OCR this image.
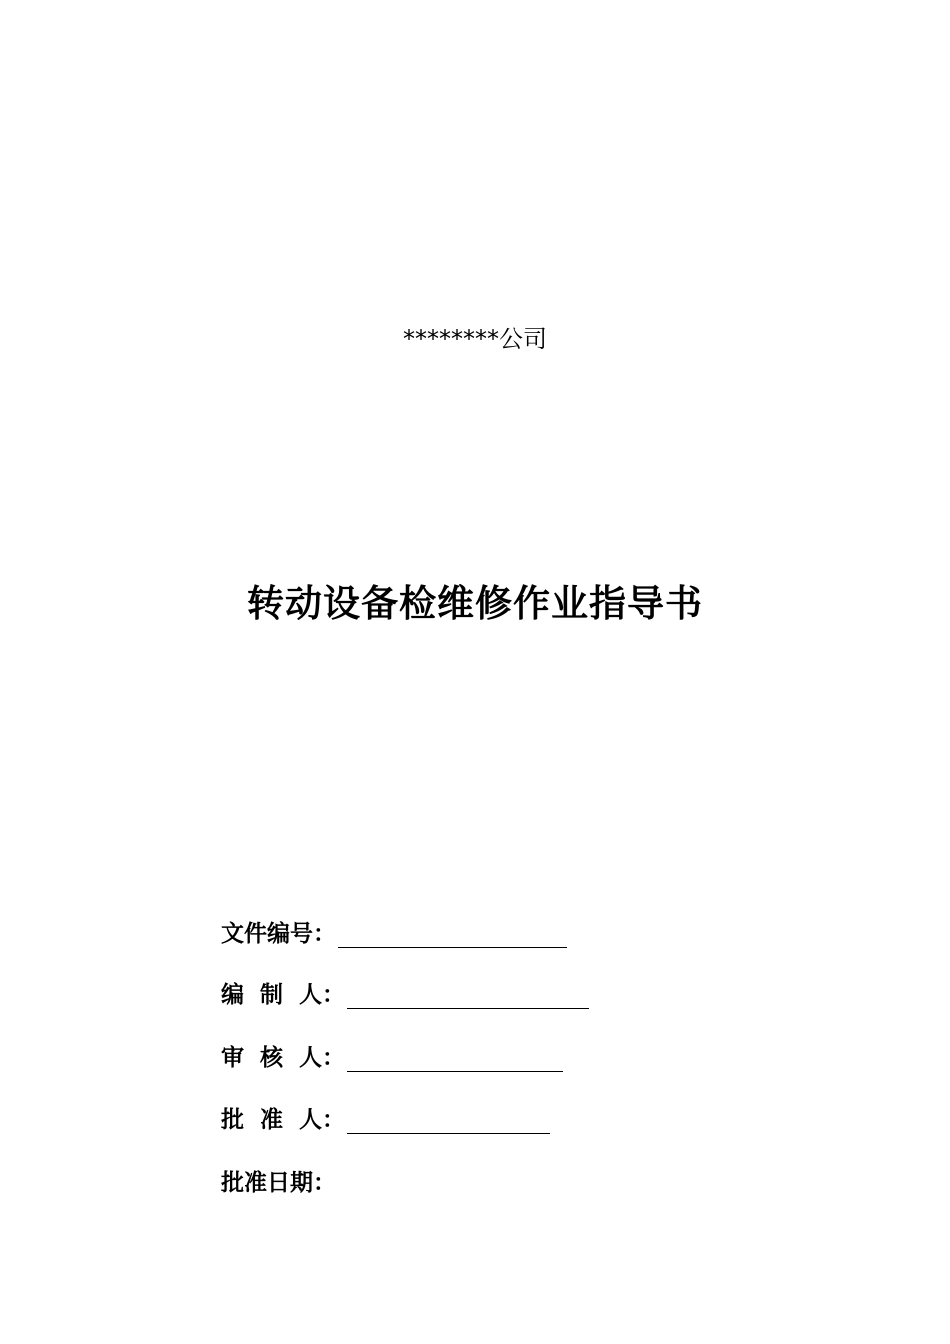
********公司
转动设备检维修作业指导书
文件编号：
编  制  人：
审  核  人：
批  准  人：
批准日期：
